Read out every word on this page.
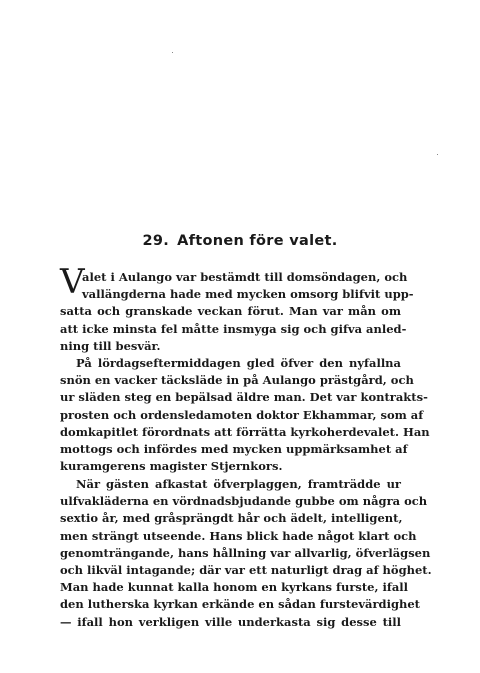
29. Aftonen före valet.
V
alet i Aulango var bestämdt till domsöndagen, och
vallängderna hade med mycken omsorg blifvit upp-
satta och granskade veckan förut. Man var mån om
att icke minsta fel måtte insmyga sig och gifva anled-
ning till besvär.
På lördagseftermiddagen gled öfver den nyfallna
snön en vacker täcksläde in på Aulango prästgård, och
ur släden steg en bepälsad äldre man. Det var kontrakts-
prosten och ordensledamoten doktor Ekhammar, som af
domkapitlet förordnats att förrätta kyrkoherdevalet. Han
mottogs och infördes med mycken uppmärksamhet af
kuramgerens magister Stjernkors.
När gästen afkastat öfverplaggen, framträdde ur
ulfvakläderna en vördnadsbjudande gubbe om några och
sextio år, med gråsprängdt hår och ädelt, intelligent,
men strängt utseende. Hans blick hade något klart och
genomträngande, hans hållning var allvarlig, öfverlägsen
och likväl intagande; där var ett naturligt drag af höghet.
Man hade kunnat kalla honom en kyrkans furste, ifall
den lutherska kyrkan erkände en sådan furstevärdighet
— ifall hon verkligen ville underkasta sig desse till
